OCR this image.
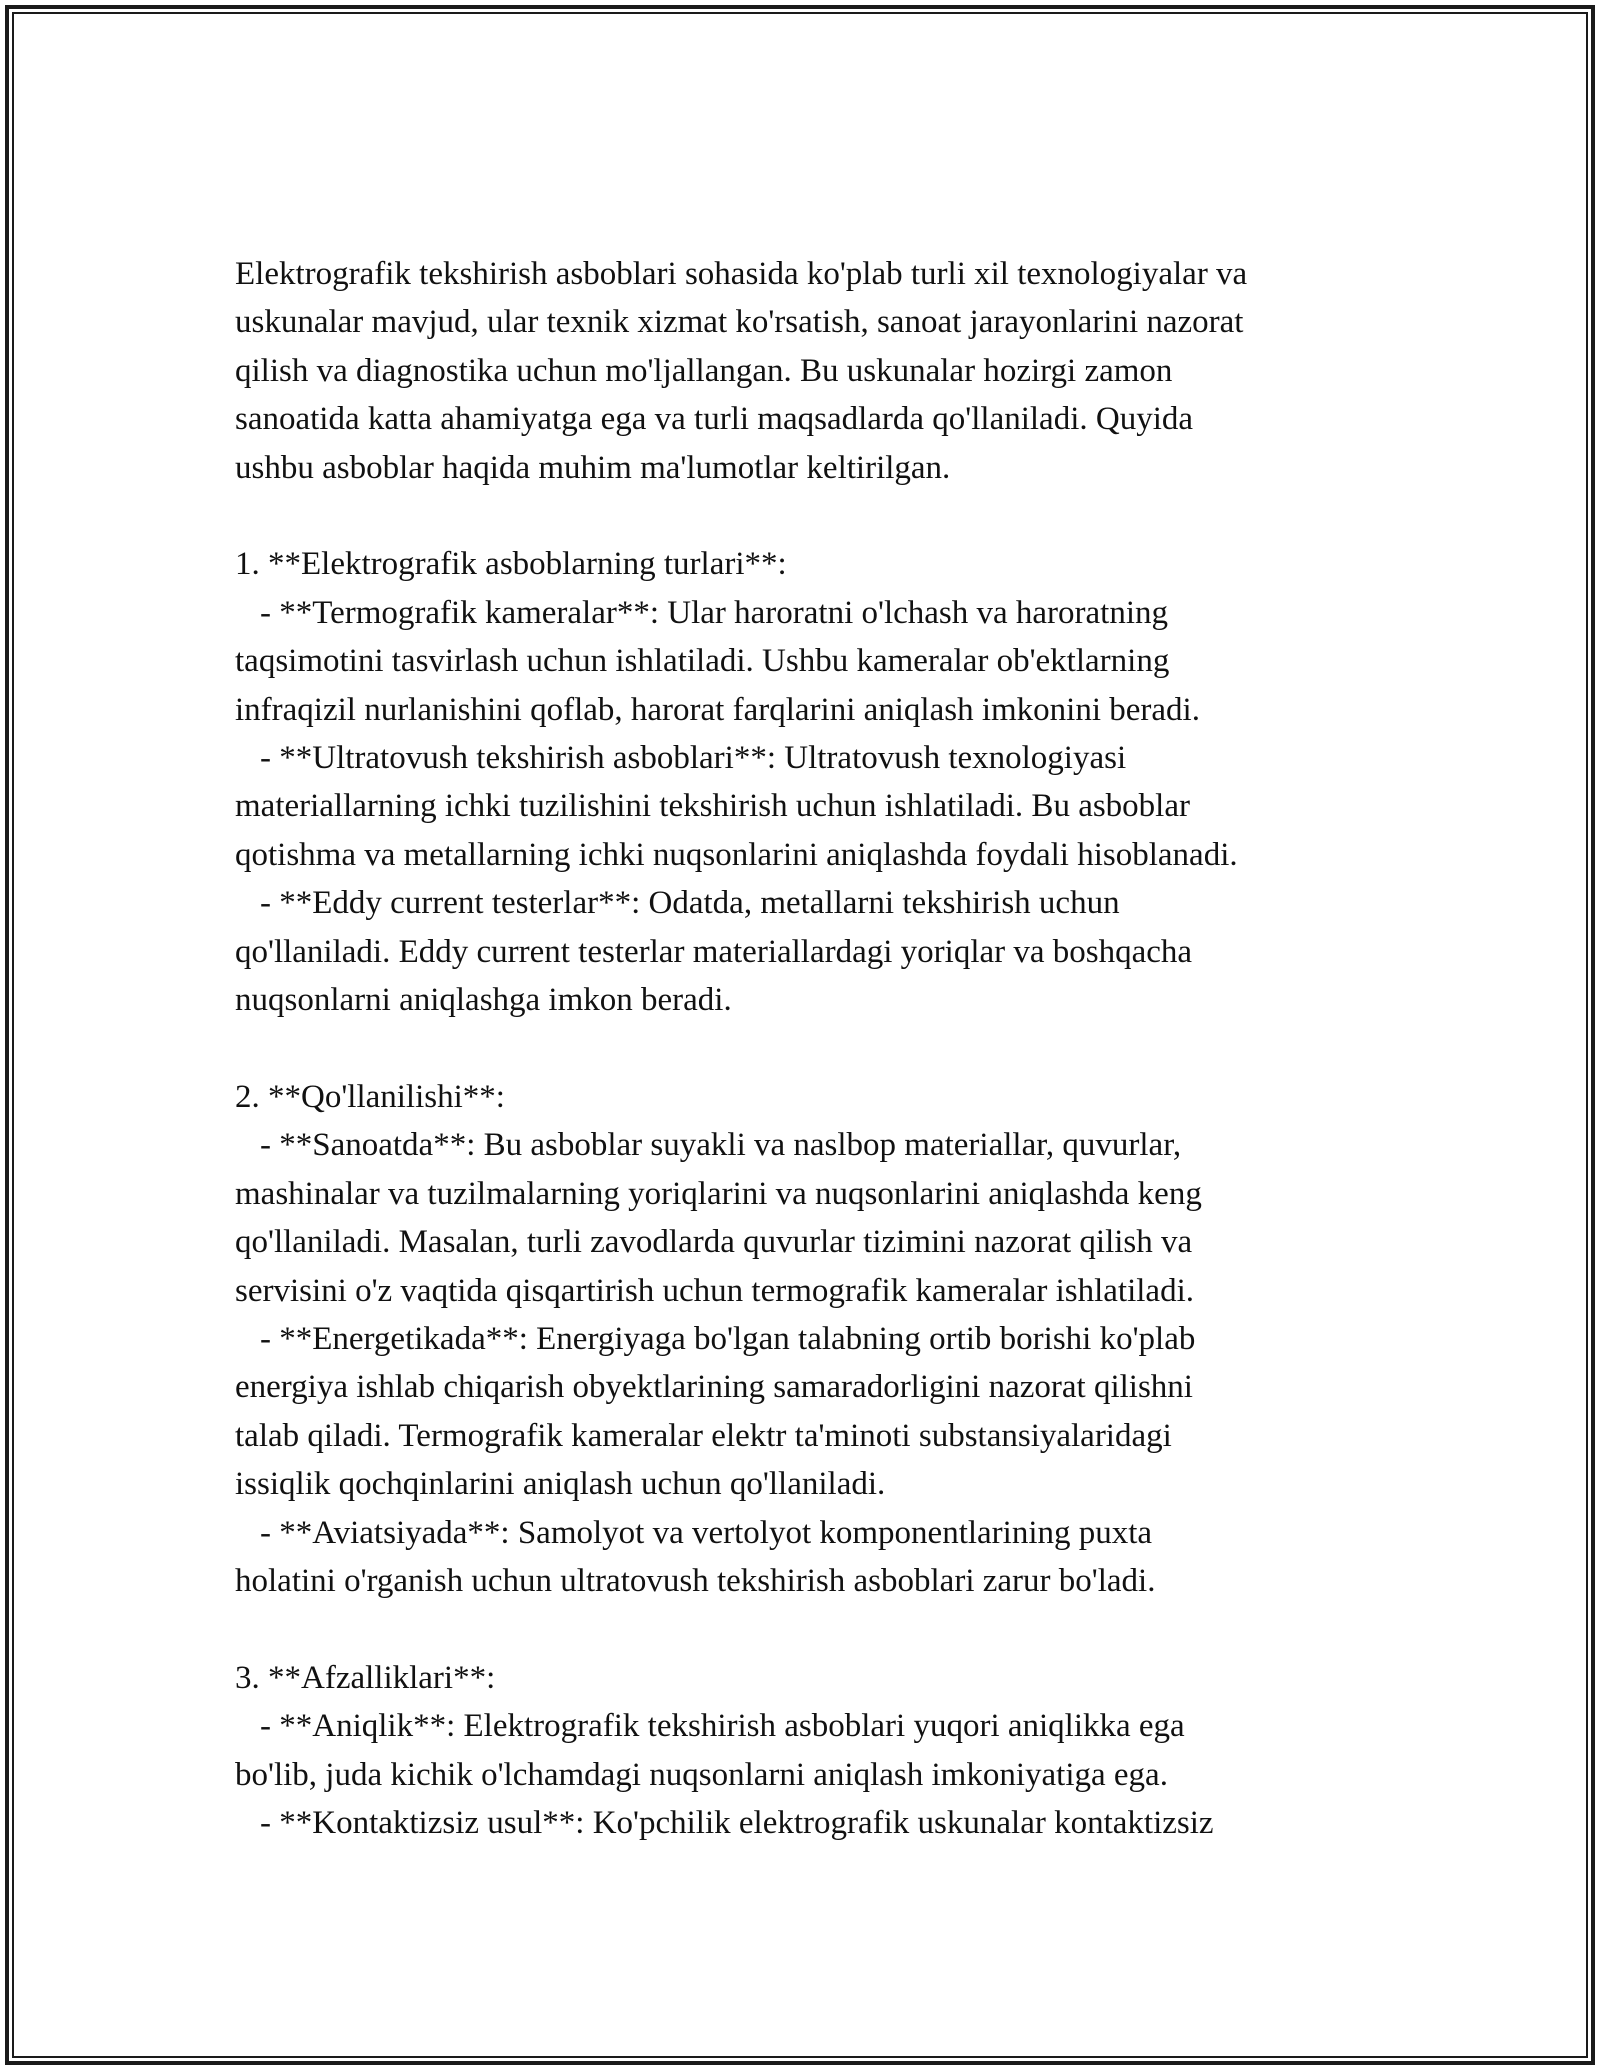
Elektrografik tekshirish asboblari sohasida ko'plab turli xil texnologiyalar va
uskunalar mavjud, ular texnik xizmat ko'rsatish, sanoat jarayonlarini nazorat
qilish va diagnostika uchun mo'ljallangan. Bu uskunalar hozirgi zamon
sanoatida katta ahamiyatga ega va turli maqsadlarda qo'llaniladi. Quyida
ushbu asboblar haqida muhim ma'lumotlar keltirilgan.
1. **Elektrografik asboblarning turlari**:
- **Termografik kameralar**: Ular haroratni o'lchash va haroratning
taqsimotini tasvirlash uchun ishlatiladi. Ushbu kameralar ob'ektlarning
infraqizil nurlanishini qoflab, harorat farqlarini aniqlash imkonini beradi.
- **Ultratovush tekshirish asboblari**: Ultratovush texnologiyasi
materiallarning ichki tuzilishini tekshirish uchun ishlatiladi. Bu asboblar
qotishma va metallarning ichki nuqsonlarini aniqlashda foydali hisoblanadi.
- **Eddy current testerlar**: Odatda, metallarni tekshirish uchun
qo'llaniladi. Eddy current testerlar materiallardagi yoriqlar va boshqacha
nuqsonlarni aniqlashga imkon beradi.
2. **Qo'llanilishi**:
- **Sanoatda**: Bu asboblar suyakli va naslbop materiallar, quvurlar,
mashinalar va tuzilmalarning yoriqlarini va nuqsonlarini aniqlashda keng
qo'llaniladi. Masalan, turli zavodlarda quvurlar tizimini nazorat qilish va
servisini o'z vaqtida qisqartirish uchun termografik kameralar ishlatiladi.
- **Energetikada**: Energiyaga bo'lgan talabning ortib borishi ko'plab
energiya ishlab chiqarish obyektlarining samaradorligini nazorat qilishni
talab qiladi. Termografik kameralar elektr ta'minoti substansiyalaridagi
issiqlik qochqinlarini aniqlash uchun qo'llaniladi.
- **Aviatsiyada**: Samolyot va vertolyot komponentlarining puxta
holatini o'rganish uchun ultratovush tekshirish asboblari zarur bo'ladi.
3. **Afzalliklari**:
- **Aniqlik**: Elektrografik tekshirish asboblari yuqori aniqlikka ega
bo'lib, juda kichik o'lchamdagi nuqsonlarni aniqlash imkoniyatiga ega.
- **Kontaktizsiz usul**: Ko'pchilik elektrografik uskunalar kontaktizsiz
